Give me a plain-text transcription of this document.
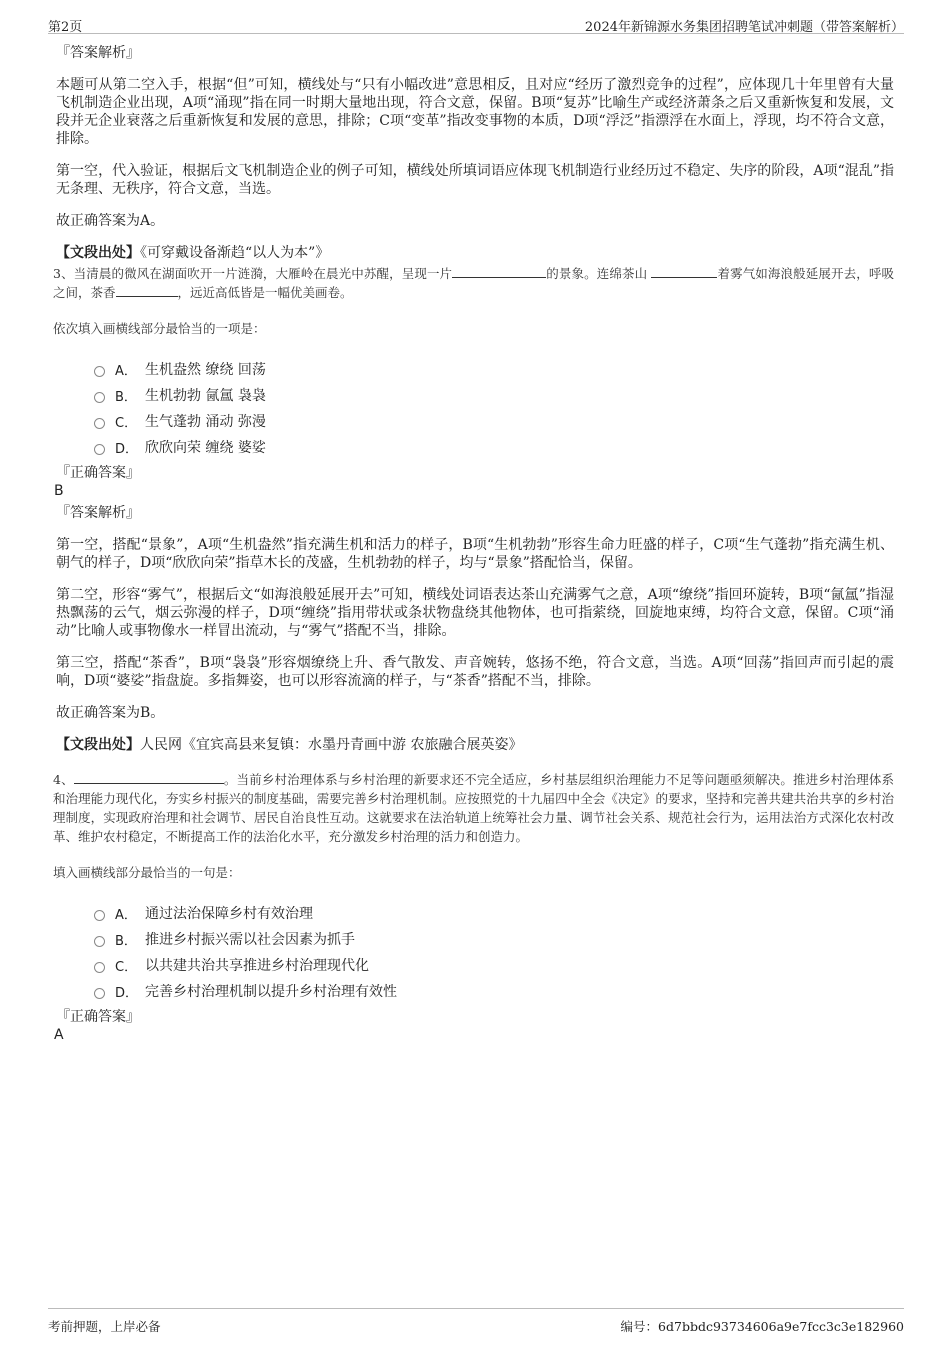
第2页	2024年新锦源水务集团招聘笔试冲刺题（带答案解析）
『答案解析』

本题可从第二空入手，根据“但”可知，横线处与“只有小幅改进”意思相反，且对应“经历了激烈竞争的过程”，应体现几十年里曾有大量飞机制造企业出现，A项“涌现”指在同一时期大量地出现，符合文意，保留。B项“复苏”比喻生产或经济萧条之后又重新恢复和发展，文段并无企业衰落之后重新恢复和发展的意思，排除；C项“变革”指改变事物的本质，D项“浮泛”指漂浮在水面上，浮现，均不符合文意，排除。

第一空，代入验证，根据后文飞机制造企业的例子可知，横线处所填词语应体现飞机制造行业经历过不稳定、失序的阶段，A项“混乱”指无条理、无秩序，符合文意，当选。

故正确答案为A。

【文段出处】《可穿戴设备渐趋“以人为本”》

3、当清晨的微风在湖面吹开一片涟漪，大雁岭在晨光中苏醒，呈现一片	的景象。连绵茶山	着雾气如海浪般延展开去，呼吸之间，茶香	，远近高低皆是一幅优美画卷。

依次填入画横线部分最恰当的一项是：

A． 生机盎然 缭绕 回荡
B． 生机勃勃 氤氲 袅袅
C． 生气蓬勃 涌动 弥漫
D． 欣欣向荣 缠绕 婆娑
『正确答案』
B
『答案解析』

第一空，搭配“景象”，A项“生机盎然”指充满生机和活力的样子，B项“生机勃勃”形容生命力旺盛的样子，C项“生气蓬勃”指充满生机、朝气的样子，D项“欣欣向荣”指草木长的茂盛，生机勃勃的样子，均与“景象”搭配恰当，保留。

第二空，形容“雾气”，根据后文“如海浪般延展开去”可知，横线处词语表达茶山充满雾气之意，A项“缭绕”指回环旋转，B项“氤氲”指湿热飘荡的云气，烟云弥漫的样子，D项“缠绕”指用带状或条状物盘绕其他物体，也可指萦绕，回旋地束缚，均符合文意，保留。C项“涌动”比喻人或事物像水一样冒出流动，与“雾气”搭配不当，排除。

第三空，搭配“茶香”，B项“袅袅”形容烟缭绕上升、香气散发、声音婉转，悠扬不绝，符合文意，当选。A项“回荡”指回声而引起的震响，D项“婆娑”指盘旋。多指舞姿，也可以形容流滴的样子，与“茶香”搭配不当，排除。

故正确答案为B。

【文段出处】人民网《宜宾高县来复镇：水墨丹青画中游 农旅融合展英姿》

4、	。当前乡村治理体系与乡村治理的新要求还不完全适应，乡村基层组织治理能力不足等问题亟须解决。推进乡村治理体系和治理能力现代化，夯实乡村振兴的制度基础，需要完善乡村治理机制。应按照党的十九届四中全会《决定》的要求，坚持和完善共建共治共享的乡村治理制度，实现政府治理和社会调节、居民自治良性互动。这就要求在法治轨道上统筹社会力量、调节社会关系、规范社会行为，运用法治方式深化农村改革、维护农村稳定，不断提高工作的法治化水平，充分激发乡村治理的活力和创造力。

填入画横线部分最恰当的一句是：

A． 通过法治保障乡村有效治理
B． 推进乡村振兴需以社会因素为抓手
C． 以共建共治共享推进乡村治理现代化
D． 完善乡村治理机制以提升乡村治理有效性
『正确答案』
A
考前押题，上岸必备	编号：6d7bbdc93734606a9e7fcc3c3e182960
